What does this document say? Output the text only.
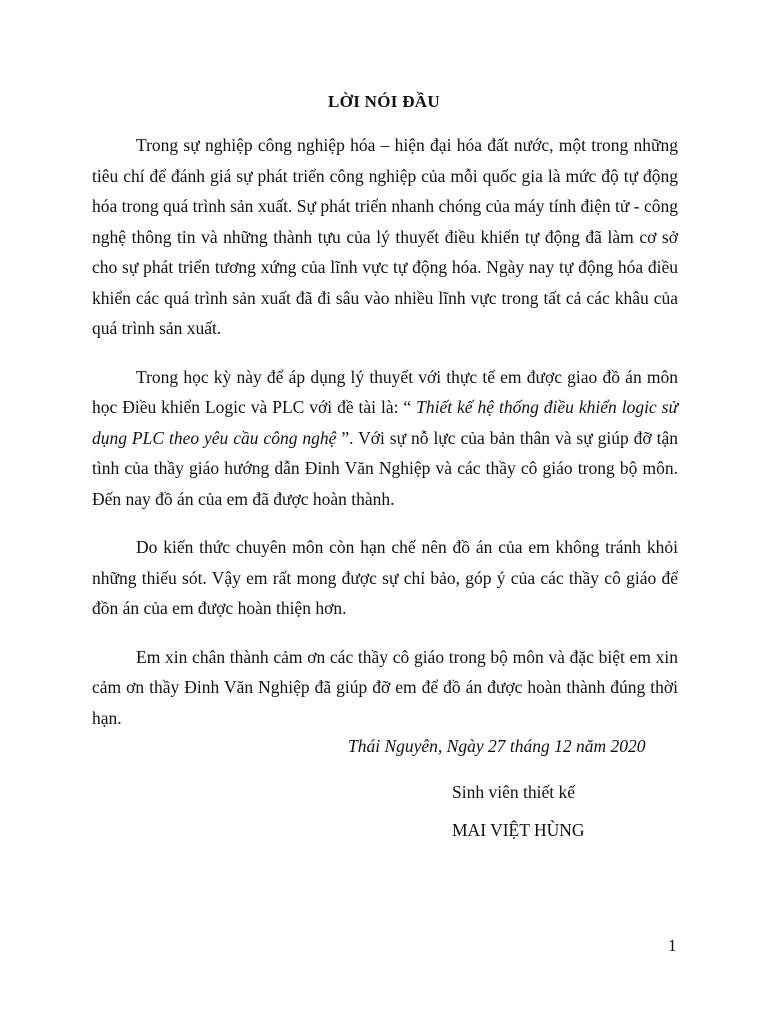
LỜI NÓI ĐẦU

Trong sự nghiệp công nghiệp hóa – hiện đại hóa đất nước, một trong những tiêu chí để đánh giá sự phát triển công nghiệp của mỗi quốc gia là mức độ tự động hóa trong quá trình sản xuất. Sự phát triển nhanh chóng của máy tính điện tử - công nghệ thông tin và những thành tựu của lý thuyết điều khiển tự động đã làm cơ sở cho sự phát triển tương xứng của lĩnh vực tự động hóa. Ngày nay tự động hóa điều khiển các quá trình sản xuất đã đi sâu vào nhiều lĩnh vực trong tất cả các khâu của quá trình sản xuất.

Trong học kỳ này để áp dụng lý thuyết với thực tế em được giao đồ án môn học Điều khiển Logic và PLC với đề tài là: “ Thiết kế hệ thống điều khiển logic sử dụng PLC theo yêu cầu công nghệ ”. Với sự nỗ lực của bản thân và sự giúp đỡ tận tình của thầy giáo hướng dẫn Đinh Văn Nghiệp và các thầy cô giáo trong bộ môn. Đến nay đồ án của em đã được hoàn thành.

Do kiến thức chuyên môn còn hạn chế nên đồ án của em không tránh khỏi những thiếu sót. Vậy em rất mong được sự chỉ bảo, góp ý của các thầy cô giáo để đồn án của em được hoàn thiện hơn.

Em xin chân thành cảm ơn các thầy cô giáo trong bộ môn và đặc biệt em xin cảm ơn thầy Đinh Văn Nghiệp đã giúp đỡ em để đồ án được hoàn thành đúng thời hạn.

Thái Nguyên, Ngày 27 tháng 12 năm 2020
Sinh viên thiết kế
MAI VIỆT HÙNG
1
